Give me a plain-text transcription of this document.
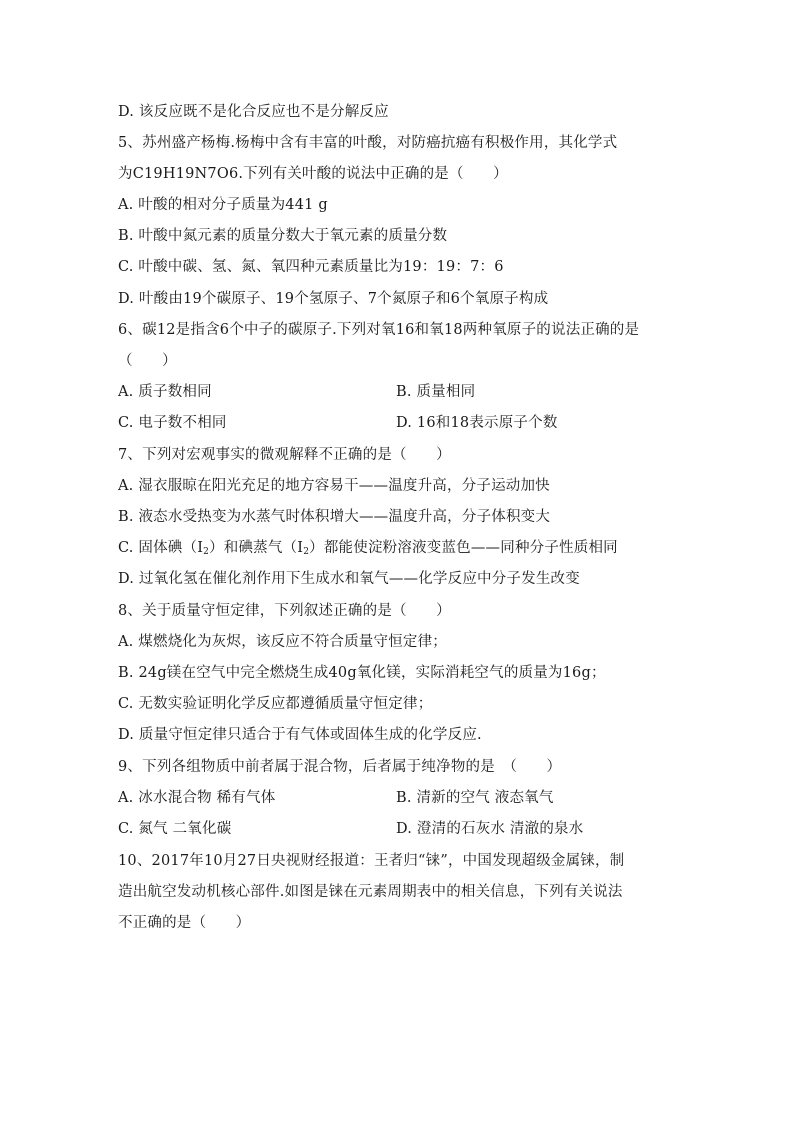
D. 该反应既不是化合反应也不是分解反应
5、苏州盛产杨梅.杨梅中含有丰富的叶酸，对防癌抗癌有积极作用，其化学式
为C19H19N7O6.下列有关叶酸的说法中正确的是（　　）
A. 叶酸的相对分子质量为441 g
B. 叶酸中氮元素的质量分数大于氧元素的质量分数
C. 叶酸中碳、氢、氮、氧四种元素质量比为19：19：7：6
D. 叶酸由19个碳原子、19个氢原子、7个氮原子和6个氧原子构成
6、碳12是指含6个中子的碳原子.下列对氧16和氧18两种氧原子的说法正确的是
（　　）
A. 质子数相同	B. 质量相同
C. 电子数不相同	D. 16和18表示原子个数
7、下列对宏观事实的微观解释不正确的是（　　）
A. 湿衣服晾在阳光充足的地方容易干——温度升高，分子运动加快
B. 液态水受热变为水蒸气时体积增大——温度升高，分子体积变大
C. 固体碘$(I_2)$和碘蒸气$(I_2)$都能使淀粉溶液变蓝色——同种分子性质相同
D. 过氧化氢在催化剂作用下生成水和氧气——化学反应中分子发生改变
8、关于质量守恒定律，下列叙述正确的是（　　）
A. 煤燃烧化为灰烬，该反应不符合质量守恒定律；
B. 24g镁在空气中完全燃烧生成40g氧化镁，实际消耗空气的质量为16g；
C. 无数实验证明化学反应都遵循质量守恒定律；
D. 质量守恒定律只适合于有气体或固体生成的化学反应.
9、下列各组物质中前者属于混合物，后者属于纯净物的是　（　　）
A. 冰水混合物 稀有气体	B. 清新的空气 液态氧气
C. 氮气 二氧化碳	D. 澄清的石灰水 清澈的泉水
10、2017年10月27日央视财经报道：王者归“铼”，中国发现超级金属铼，制
造出航空发动机核心部件.如图是铼在元素周期表中的相关信息，下列有关说法
不正确的是（　　）
